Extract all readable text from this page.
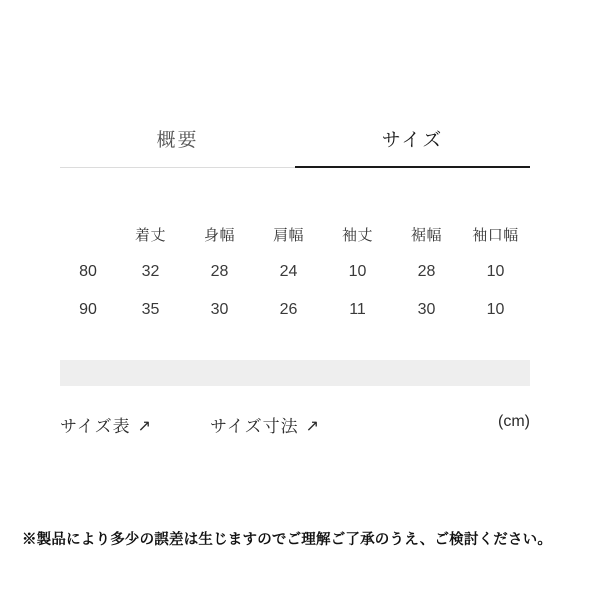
概要	サイズ
	着丈	身幅	肩幅	袖丈	裾幅	袖口幅
80	32	28	24	10	28	10
90	35	30	26	11	30	10
サイズ表 ↗	サイズ寸法 ↗	(cm)
※製品により多少の誤差は生じますのでご理解ご了承のうえ、ご検討ください。
